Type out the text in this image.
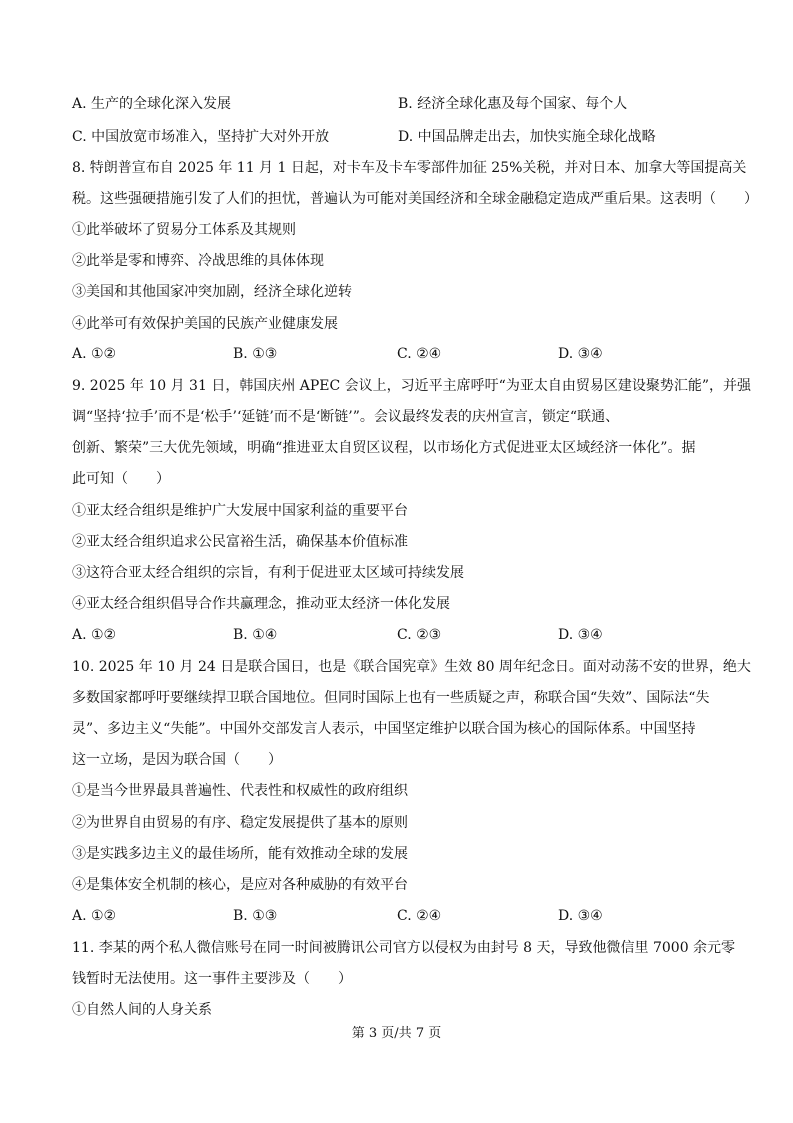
A. 生产的全球化深入发展	B. 经济全球化惠及每个国家、每个人
C. 中国放宽市场准入，坚持扩大对外开放	D. 中国品牌走出去，加快实施全球化战略
8. 特朗普宣布自 2025 年 11 月 1 日起，对卡车及卡车零部件加征 25%关税，并对日本、加拿大等国提高关
税。这些强硬措施引发了人们的担忧，普遍认为可能对美国经济和全球金融稳定造成严重后果。这表明（　　）
①此举破坏了贸易分工体系及其规则
②此举是零和博弈、冷战思维的具体体现
③美国和其他国家冲突加剧，经济全球化逆转
④此举可有效保护美国的民族产业健康发展
A. ①②	B. ①③	C. ②④	D. ③④
9. 2025 年 10 月 31 日，韩国庆州 APEC 会议上，习近平主席呼吁“为亚太自由贸易区建设聚势汇能”，并强
调“坚持‘拉手’而不是‘松手’‘延链’而不是‘断链’”。会议最终发表的庆州宣言，锁定“联通、
创新、繁荣”三大优先领域，明确“推进亚太自贸区议程，以市场化方式促进亚太区域经济一体化”。据
此可知（　　）
①亚太经合组织是维护广大发展中国家利益的重要平台
②亚太经合组织追求公民富裕生活，确保基本价值标准
③这符合亚太经合组织的宗旨，有利于促进亚太区域可持续发展
④亚太经合组织倡导合作共赢理念，推动亚太经济一体化发展
A. ①②	B. ①④	C. ②③	D. ③④
10. 2025 年 10 月 24 日是联合国日，也是《联合国宪章》生效 80 周年纪念日。面对动荡不安的世界，绝大
多数国家都呼吁要继续捍卫联合国地位。但同时国际上也有一些质疑之声，称联合国“失效”、国际法“失
灵”、多边主义“失能”。中国外交部发言人表示，中国坚定维护以联合国为核心的国际体系。中国坚持
这一立场，是因为联合国（　　）
①是当今世界最具普遍性、代表性和权威性的政府组织
②为世界自由贸易的有序、稳定发展提供了基本的原则
③是实践多边主义的最佳场所，能有效推动全球的发展
④是集体安全机制的核心，是应对各种威胁的有效平台
A. ①②	B. ①③	C. ②④	D. ③④
11. 李某的两个私人微信账号在同一时间被腾讯公司官方以侵权为由封号 8 天，导致他微信里 7000 余元零
钱暂时无法使用。这一事件主要涉及（　　）
①自然人间的人身关系
第 3 页/共 7 页
